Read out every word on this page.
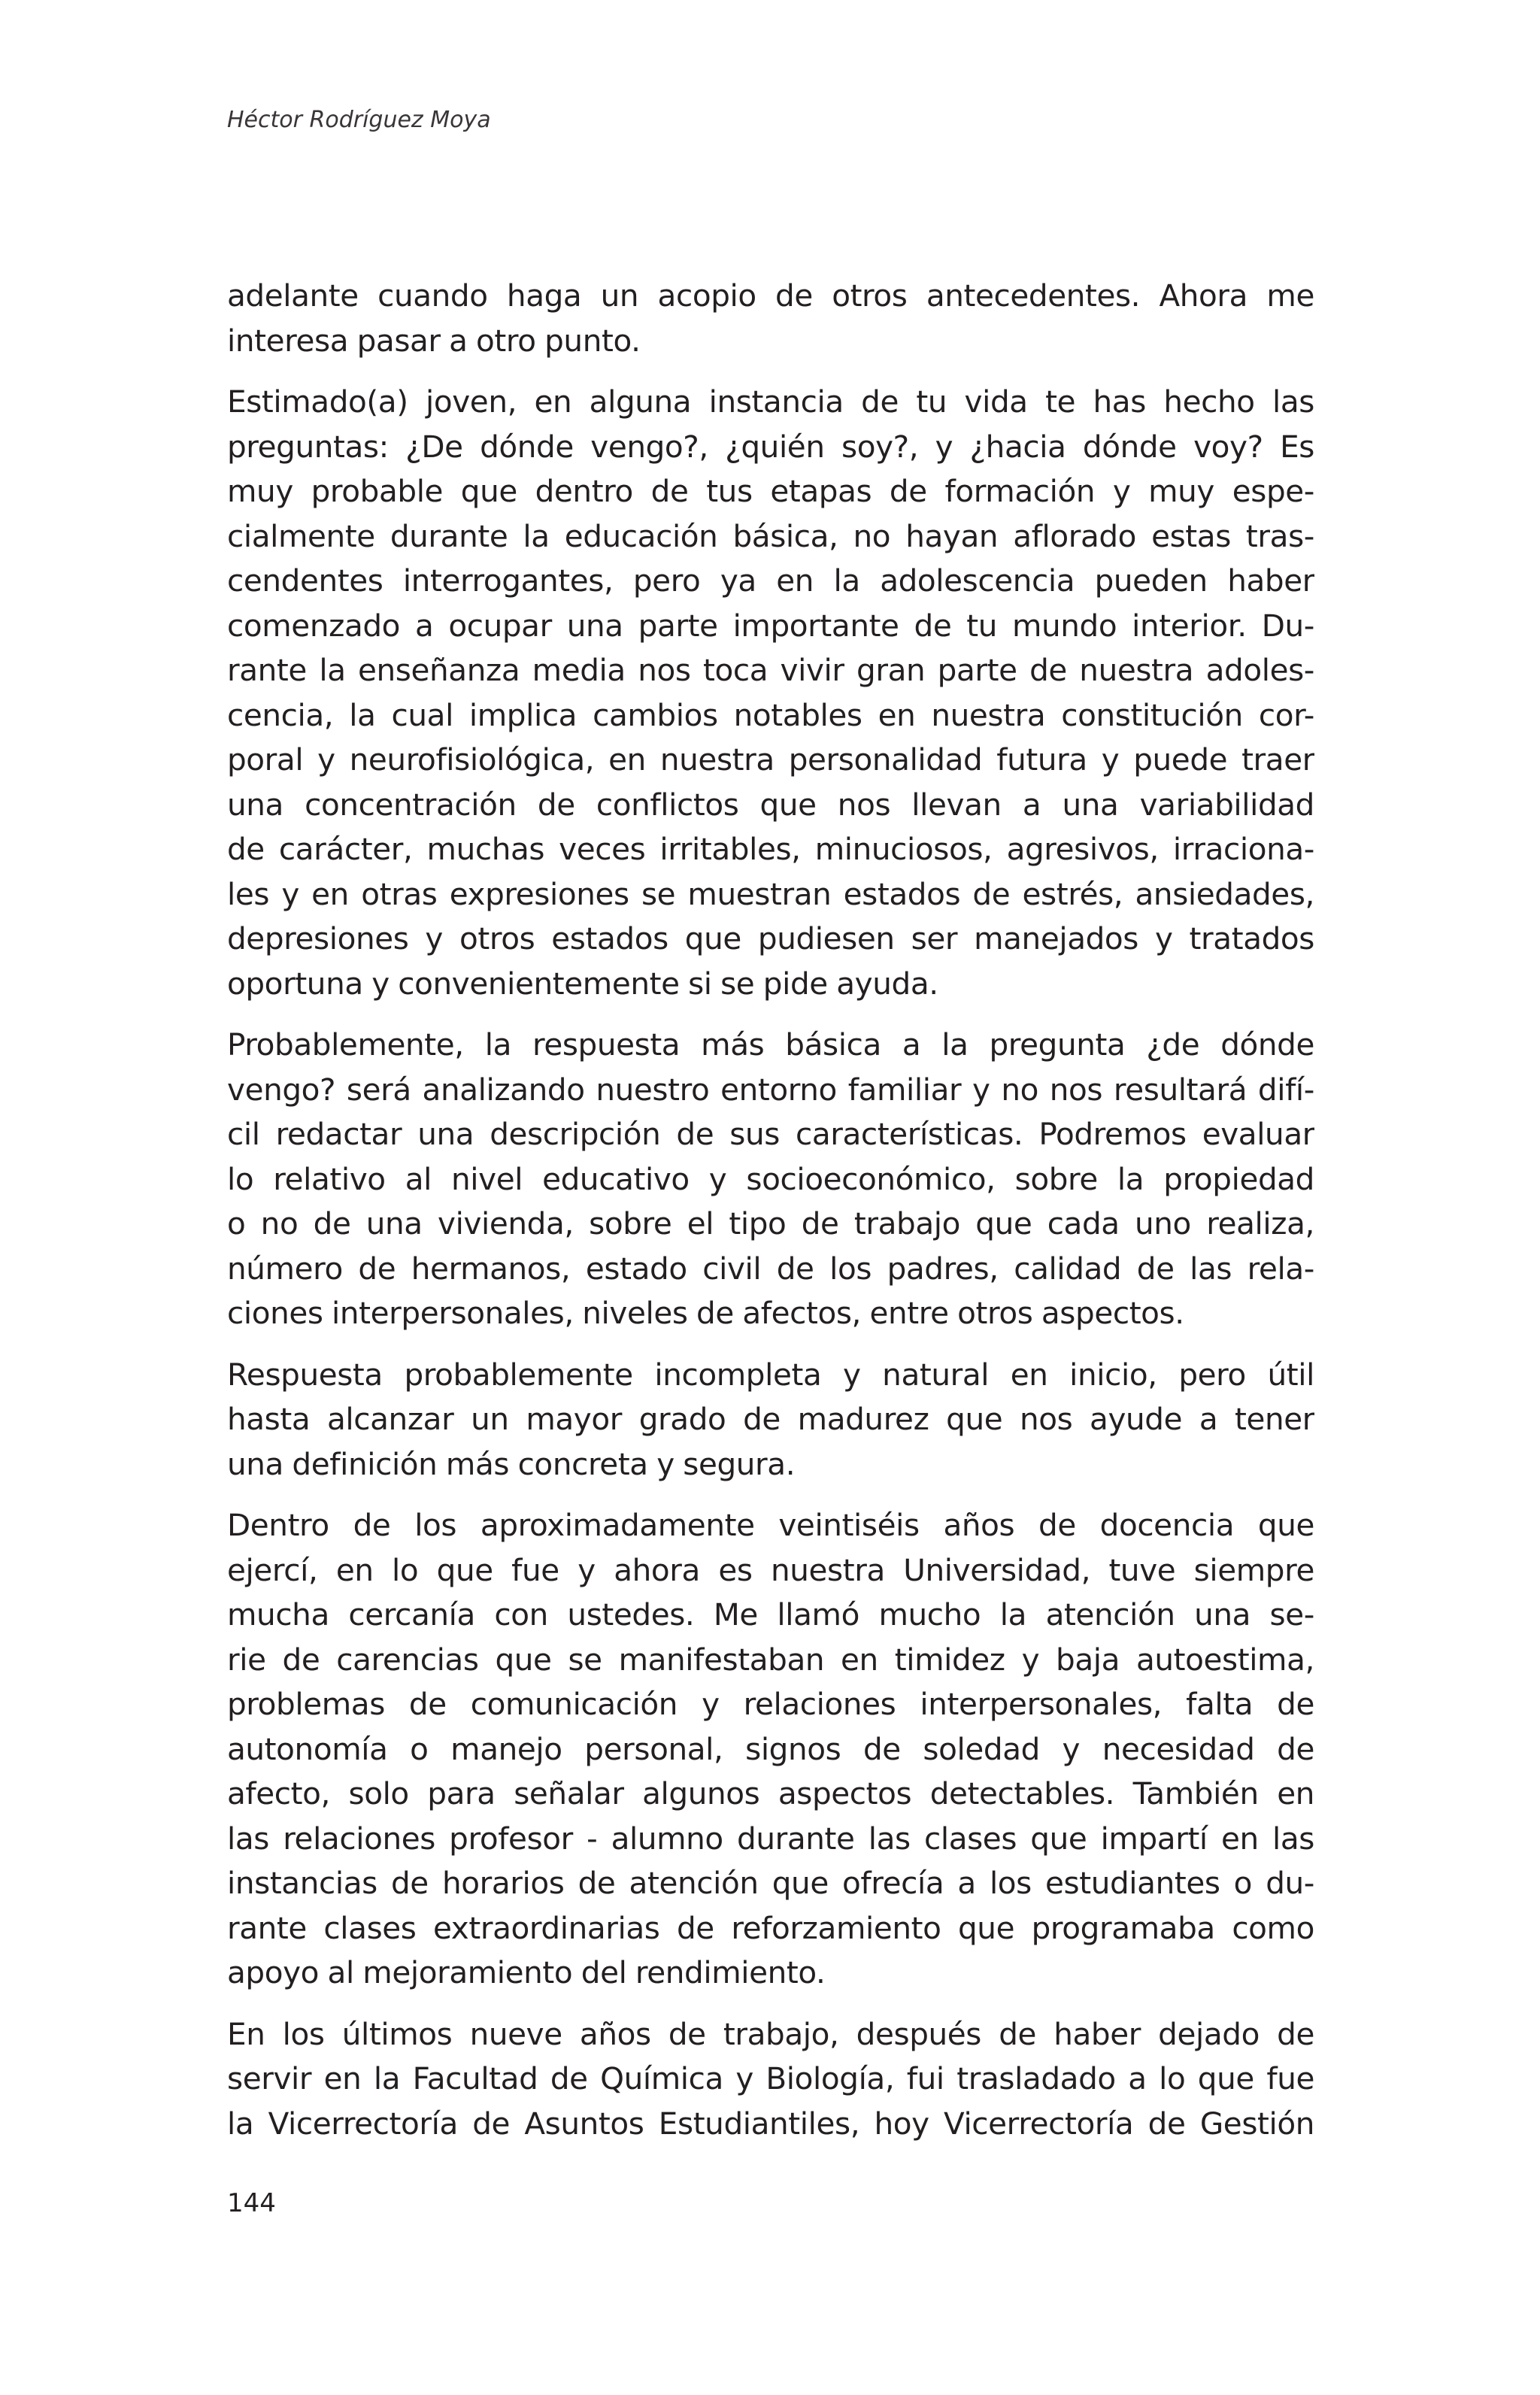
Héctor Rodríguez Moya

adelante cuando haga un acopio de otros antecedentes. Ahora me
interesa pasar a otro punto.

Estimado(a) joven, en alguna instancia de tu vida te has hecho las
preguntas: ¿De dónde vengo?, ¿quién soy?, y ¿hacia dónde voy? Es
muy probable que dentro de tus etapas de formación y muy espe-
cialmente durante la educación básica, no hayan aflorado estas tras-
cendentes interrogantes, pero ya en la adolescencia pueden haber
comenzado a ocupar una parte importante de tu mundo interior. Du-
rante la enseñanza media nos toca vivir gran parte de nuestra adoles-
cencia, la cual implica cambios notables en nuestra constitución cor-
poral y neurofisiológica, en nuestra personalidad futura y puede traer
una concentración de conflictos que nos llevan a una variabilidad
de carácter, muchas veces irritables, minuciosos, agresivos, irraciona-
les y en otras expresiones se muestran estados de estrés, ansiedades,
depresiones y otros estados que pudiesen ser manejados y tratados
oportuna y convenientemente si se pide ayuda.

Probablemente, la respuesta más básica a la pregunta ¿de dónde
vengo? será analizando nuestro entorno familiar y no nos resultará difí-
cil redactar una descripción de sus características. Podremos evaluar
lo relativo al nivel educativo y socioeconómico, sobre la propiedad
o no de una vivienda, sobre el tipo de trabajo que cada uno realiza,
número de hermanos, estado civil de los padres, calidad de las rela-
ciones interpersonales, niveles de afectos, entre otros aspectos.

Respuesta probablemente incompleta y natural en inicio, pero útil
hasta alcanzar un mayor grado de madurez que nos ayude a tener
una definición más concreta y segura.

Dentro de los aproximadamente veintiséis años de docencia que
ejercí, en lo que fue y ahora es nuestra Universidad, tuve siempre
mucha cercanía con ustedes. Me llamó mucho la atención una se-
rie de carencias que se manifestaban en timidez y baja autoestima,
problemas de comunicación y relaciones interpersonales, falta de
autonomía o manejo personal, signos de soledad y necesidad de
afecto, solo para señalar algunos aspectos detectables. También en
las relaciones profesor - alumno durante las clases que impartí en las
instancias de horarios de atención que ofrecía a los estudiantes o du-
rante clases extraordinarias de reforzamiento que programaba como
apoyo al mejoramiento del rendimiento.

En los últimos nueve años de trabajo, después de haber dejado de
servir en la Facultad de Química y Biología, fui trasladado a lo que fue
la Vicerrectoría de Asuntos Estudiantiles, hoy Vicerrectoría de Gestión

144
